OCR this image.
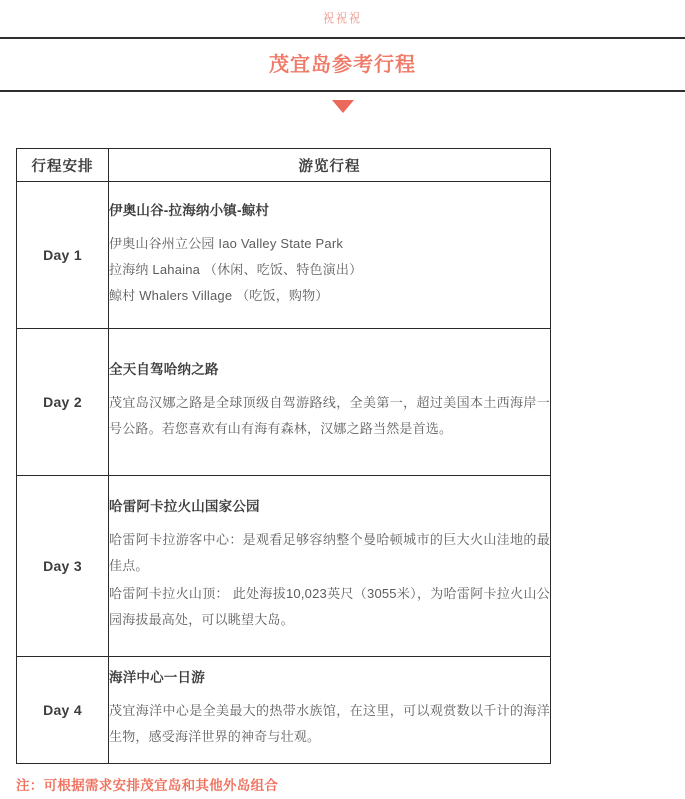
祝祝祝
茂宜岛参考行程
行程安排	游览行程
Day 1	伊奥山谷-拉海纳小镇-鲸村
伊奥山谷州立公园 Iao Valley State Park
拉海纳 Lahaina （休闲、吃饭、特色演出）
鲸村 Whalers Village （吃饭，购物）

Day 2	全天自驾哈纳之路
茂宜岛汉娜之路是全球顶级自驾游路线，全美第一，超过美国本土西海岸一号公路。若您喜欢有山有海有森林，汉娜之路当然是首选。

Day 3	哈雷阿卡拉火山国家公园
哈雷阿卡拉游客中心：是观看足够容纳整个曼哈顿城市的巨大火山洼地的最佳点。
哈雷阿卡拉火山顶： 此处海拔10,023英尺（3055米），为哈雷阿卡拉火山公园海拔最高处，可以眺望大岛。

Day 4	海洋中心一日游
茂宜海洋中心是全美最大的热带水族馆，在这里，可以观赏数以千计的海洋生物，感受海洋世界的神奇与壮观。
注：可根据需求安排茂宜岛和其他外岛组合
